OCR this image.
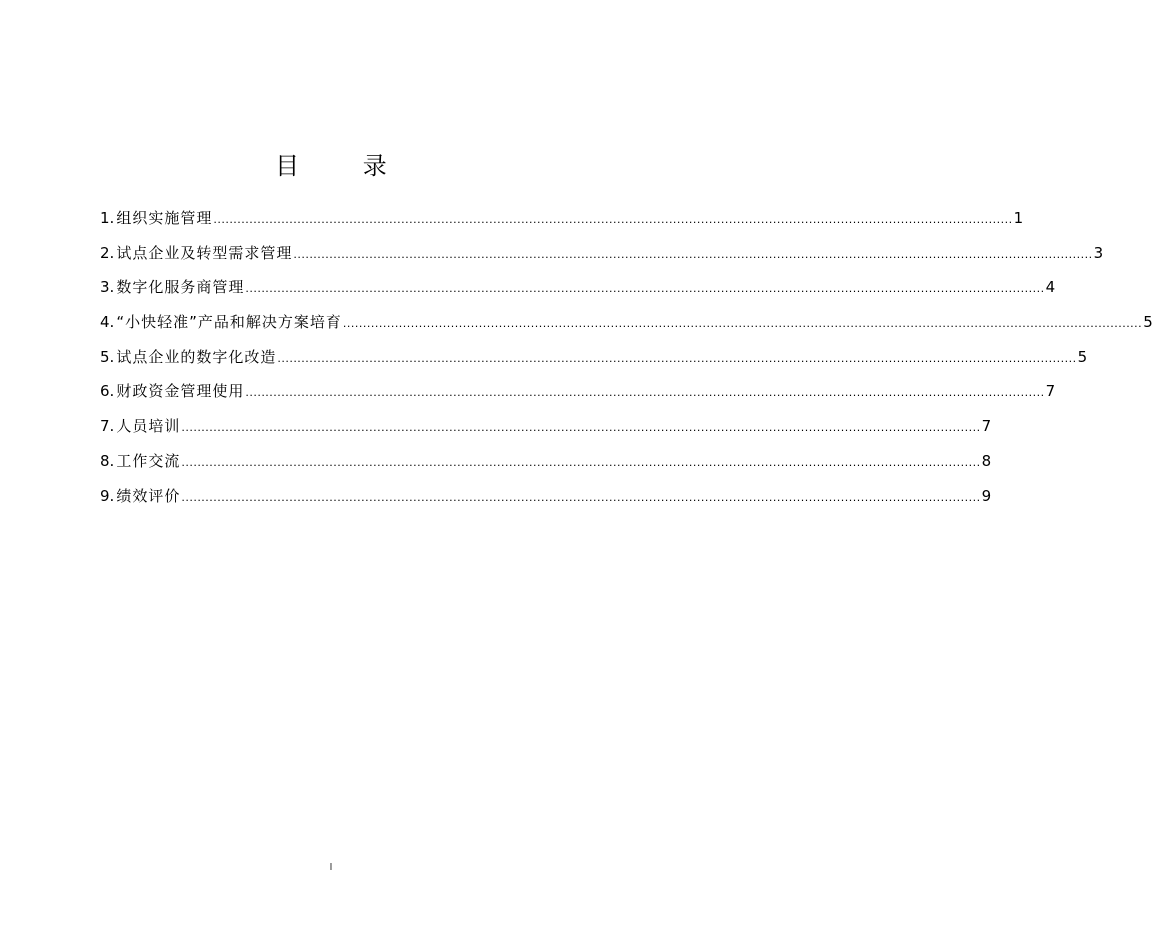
目 录
1. 组织实施管理 ........................................................................................................................................................................................................ 1
2. 试点企业及转型需求管理 ........................................................................................................................................................................................................ 3
3. 数字化服务商管理 ........................................................................................................................................................................................................ 4
4. “小快轻准”产品和解决方案培育 ........................................................................................................................................................................................................ 5
5. 试点企业的数字化改造 ........................................................................................................................................................................................................ 5
6. 财政资金管理使用 ........................................................................................................................................................................................................ 7
7. 人员培训 ........................................................................................................................................................................................................ 7
8. 工作交流 ........................................................................................................................................................................................................ 8
9. 绩效评价 ........................................................................................................................................................................................................ 9
I
